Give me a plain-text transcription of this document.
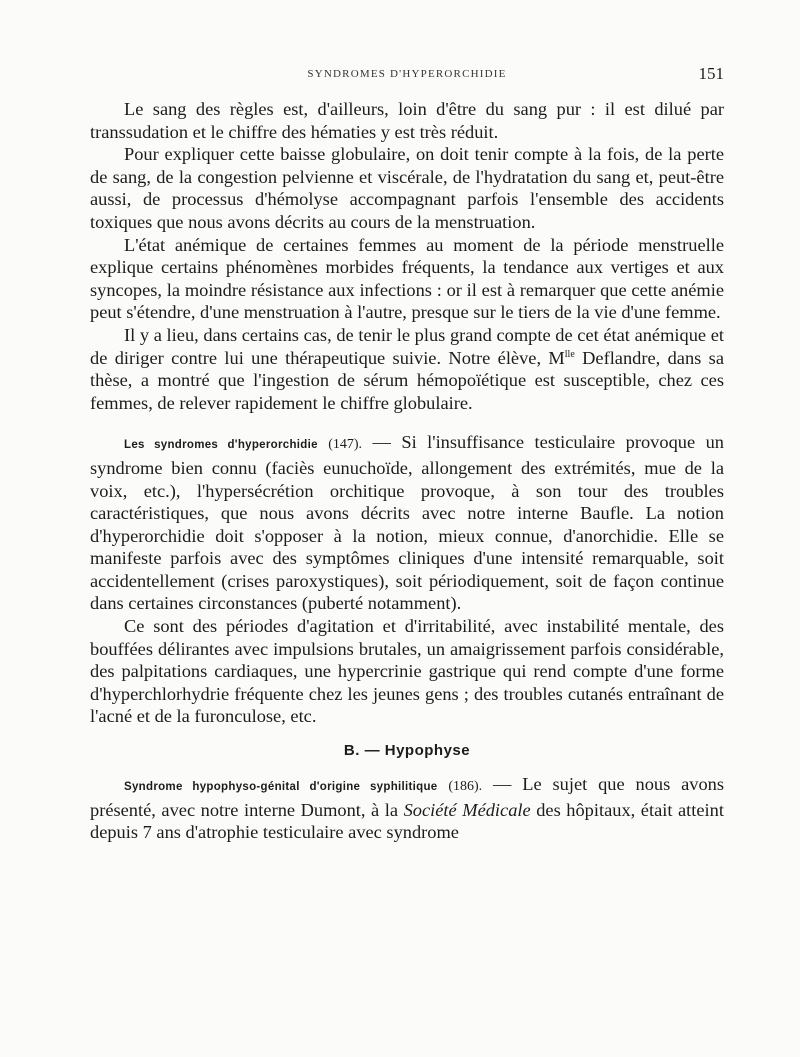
SYNDROMES D'HYPERORCHIDIE	151

Le sang des règles est, d'ailleurs, loin d'être du sang pur : il est dilué par transsudation et le chiffre des hématies y est très réduit.

Pour expliquer cette baisse globulaire, on doit tenir compte à la fois, de la perte de sang, de la congestion pelvienne et viscérale, de l'hydratation du sang et, peut-être aussi, de processus d'hémolyse accompagnant parfois l'ensemble des accidents toxiques que nous avons décrits au cours de la menstruation.

L'état anémique de certaines femmes au moment de la période menstruelle explique certains phénomènes morbides fréquents, la tendance aux vertiges et aux syncopes, la moindre résistance aux infections : or il est à remarquer que cette anémie peut s'étendre, d'une menstruation à l'autre, presque sur le tiers de la vie d'une femme.

Il y a lieu, dans certains cas, de tenir le plus grand compte de cet état anémique et de diriger contre lui une thérapeutique suivie. Notre élève, $M^{lle}$ Deflandre, dans sa thèse, a montré que l'ingestion de sérum hémopoïétique est susceptible, chez ces femmes, de relever rapidement le chiffre globulaire.

Les syndromes d'hyperorchidie (147). — Si l'insuffisance testiculaire provoque un syndrome bien connu (faciès eunuchoïde, allongement des extrémités, mue de la voix, etc.), l'hypersécrétion orchitique provoque, à son tour des troubles caractéristiques, que nous avons décrits avec notre interne Baufle. La notion d'hyperorchidie doit s'opposer à la notion, mieux connue, d'anorchidie. Elle se manifeste parfois avec des symptômes cliniques d'une intensité remarquable, soit accidentellement (crises paroxystiques), soit périodiquement, soit de façon continue dans certaines circonstances (puberté notamment).

Ce sont des périodes d'agitation et d'irritabilité, avec instabilité mentale, des bouffées délirantes avec impulsions brutales, un amaigrissement parfois considérable, des palpitations cardiaques, une hypercrinie gastrique qui rend compte d'une forme d'hyperchlorhydrie fréquente chez les jeunes gens ; des troubles cutanés entraînant de l'acné et de la furonculose, etc.

B. — Hypophyse

Syndrome hypophyso-génital d'origine syphilitique (186). — Le sujet que nous avons présenté, avec notre interne Dumont, à la Société Médicale des hôpitaux, était atteint depuis 7 ans d'atrophie testiculaire avec syndrome
